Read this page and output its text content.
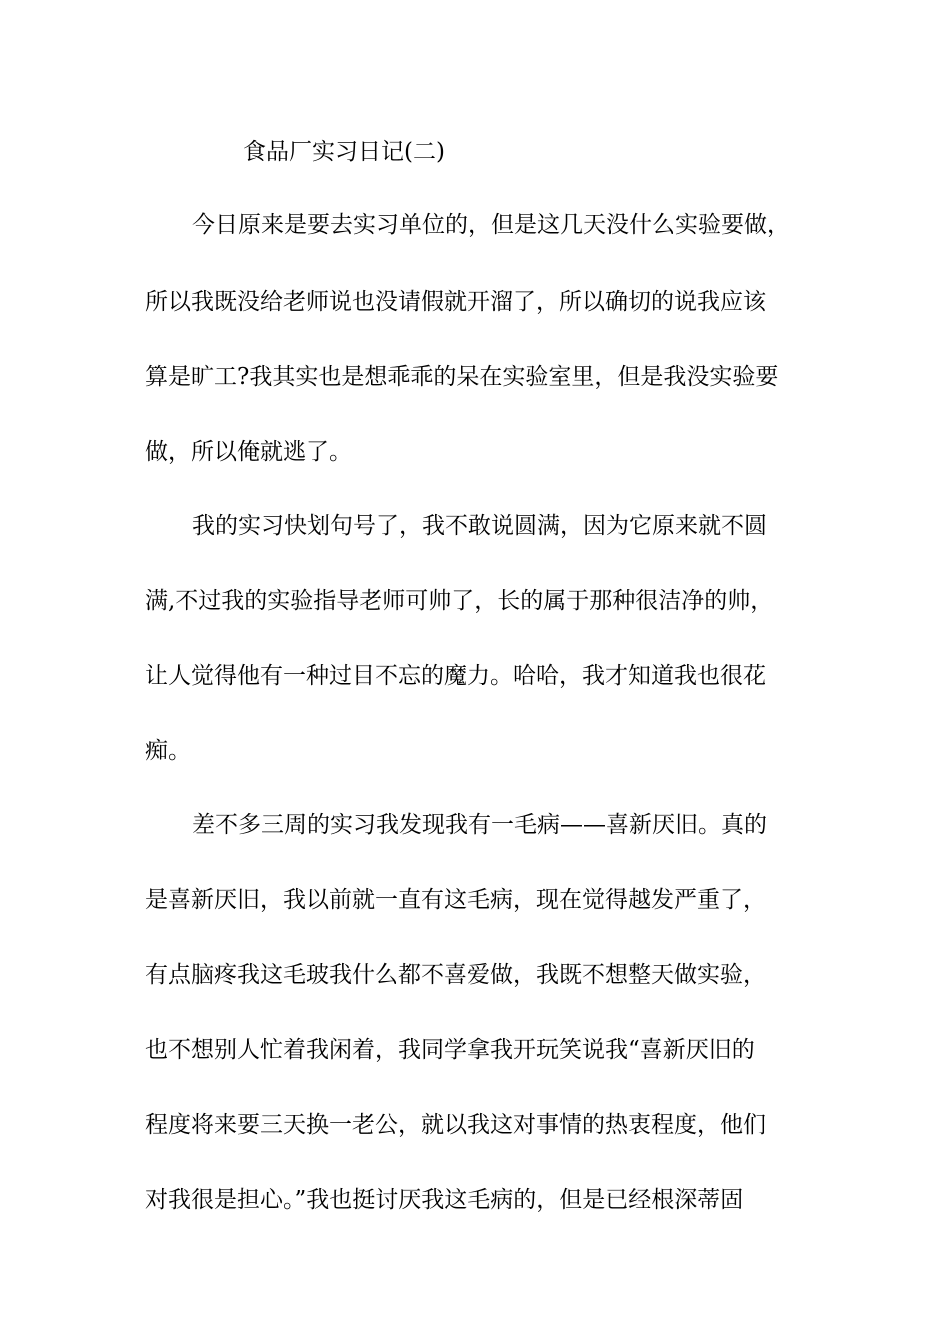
食品厂实习日记(二)
今日原来是要去实习单位的，但是这几天没什么实验要做，
所以我既没给老师说也没请假就开溜了，所以确切的说我应该
算是旷工?我其实也是想乖乖的呆在实验室里，但是我没实验要
做，所以俺就逃了。
我的实习快划句号了，我不敢说圆满，因为它原来就不圆
满,不过我的实验指导老师可帅了，长的属于那种很洁净的帅，
让人觉得他有一种过目不忘的魔力。哈哈，我才知道我也很花
痴。
差不多三周的实习我发现我有一毛病——喜新厌旧。真的
是喜新厌旧，我以前就一直有这毛病，现在觉得越发严重了，
有点脑疼我这毛玻我什么都不喜爱做，我既不想整天做实验，
也不想别人忙着我闲着，我同学拿我开玩笑说我“喜新厌旧的
程度将来要三天换一老公，就以我这对事情的热衷程度，他们
对我很是担心。”我也挺讨厌我这毛病的，但是已经根深蒂固
